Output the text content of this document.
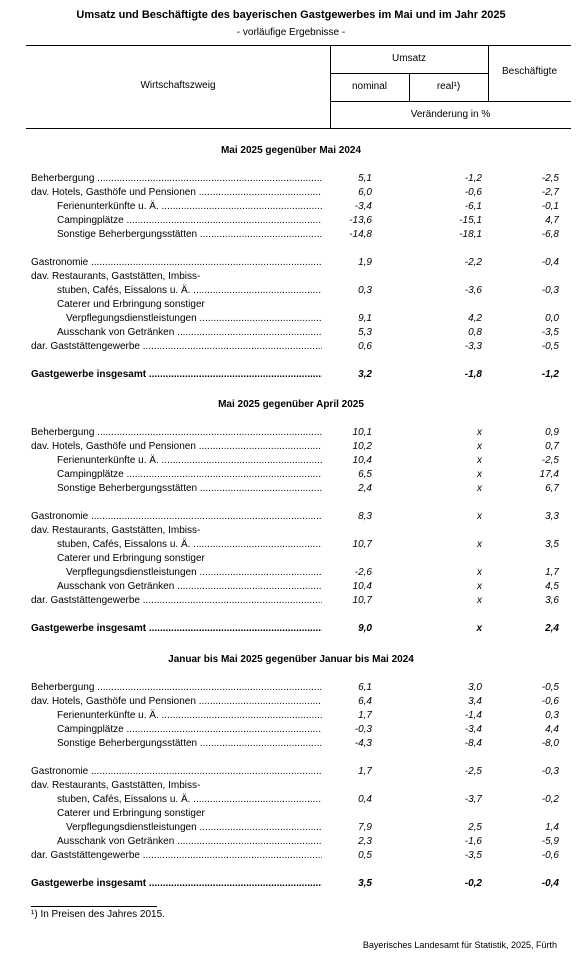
Umsatz und Beschäftigte des bayerischen Gastgewerbes im Mai und im Jahr 2025
- vorläufige Ergebnisse -
Wirtschaftszweig
Umsatz
nominal	real¹)
Beschäftigte
Veränderung in %
Mai 2025 gegenüber Mai 2024
Beherbergung .....	5,1	-1,2	-2,5
dav. Hotels, Gasthöfe und Pensionen .....	6,0	-0,6	-2,7
Ferienunterkünfte u. Ä. .....	-3,4	-6,1	-0,1
Campingplätze .....	-13,6	-15,1	4,7
Sonstige Beherbergungsstätten .....	-14,8	-18,1	-6,8
Gastronomie .....	1,9	-2,2	-0,4
dav. Restaurants, Gaststätten, Imbiss-
stuben, Cafés, Eissalons u. Ä. .....	0,3	-3,6	-0,3
Caterer und Erbringung sonstiger
Verpflegungsdienstleistungen .....	9,1	4,2	0,0
Ausschank von Getränken .....	5,3	0,8	-3,5
dar. Gaststättengewerbe .....	0,6	-3,3	-0,5
Gastgewerbe insgesamt .....	3,2	-1,8	-1,2
Mai 2025 gegenüber April 2025
Beherbergung .....	10,1	x	0,9
dav. Hotels, Gasthöfe und Pensionen .....	10,2	x	0,7
Ferienunterkünfte u. Ä. .....	10,4	x	-2,5
Campingplätze .....	6,5	x	17,4
Sonstige Beherbergungsstätten .....	2,4	x	6,7
Gastronomie .....	8,3	x	3,3
dav. Restaurants, Gaststätten, Imbiss-
stuben, Cafés, Eissalons u. Ä. .....	10,7	x	3,5
Caterer und Erbringung sonstiger
Verpflegungsdienstleistungen .....	-2,6	x	1,7
Ausschank von Getränken .....	10,4	x	4,5
dar. Gaststättengewerbe .....	10,7	x	3,6
Gastgewerbe insgesamt .....	9,0	x	2,4
Januar bis Mai 2025 gegenüber Januar bis Mai 2024
Beherbergung .....	6,1	3,0	-0,5
dav. Hotels, Gasthöfe und Pensionen .....	6,4	3,4	-0,6
Ferienunterkünfte u. Ä. .....	1,7	-1,4	0,3
Campingplätze .....	-0,3	-3,4	4,4
Sonstige Beherbergungsstätten .....	-4,3	-8,4	-8,0
Gastronomie .....	1,7	-2,5	-0,3
dav. Restaurants, Gaststätten, Imbiss-
stuben, Cafés, Eissalons u. Ä. .....	0,4	-3,7	-0,2
Caterer und Erbringung sonstiger
Verpflegungsdienstleistungen .....	7,9	2,5	1,4
Ausschank von Getränken .....	2,3	-1,6	-5,9
dar. Gaststättengewerbe .....	0,5	-3,5	-0,6
Gastgewerbe insgesamt .....	3,5	-0,2	-0,4
¹) In Preisen des Jahres 2015.
Bayerisches Landesamt für Statistik, 2025, Fürth
